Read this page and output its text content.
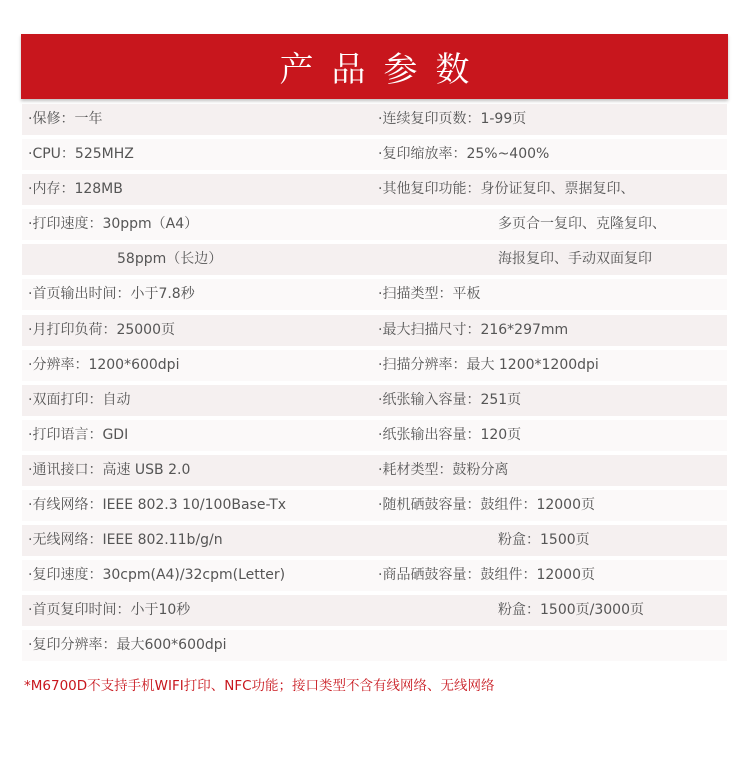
产品参数
·保修：一年	·连续复印页数：1-99页
·CPU：525MHZ	·复印缩放率：25%~400%
·内存：128MB	·其他复印功能：身份证复印、票据复印、
·打印速度：30ppm（A4）	多页合一复印、克隆复印、
58ppm（长边）	海报复印、手动双面复印
·首页输出时间：小于7.8秒	·扫描类型：平板
·月打印负荷：25000页	·最大扫描尺寸：216*297mm
·分辨率：1200*600dpi	·扫描分辨率：最大 1200*1200dpi
·双面打印：自动	·纸张输入容量：251页
·打印语言：GDI	·纸张输出容量：120页
·通讯接口：高速 USB 2.0	·耗材类型：鼓粉分离
·有线网络：IEEE 802.3 10/100Base-Tx	·随机硒鼓容量：鼓组件：12000页
·无线网络：IEEE 802.11b/g/n	粉盒：1500页
·复印速度：30cpm(A4)/32cpm(Letter)	·商品硒鼓容量：鼓组件：12000页
·首页复印时间：小于10秒	粉盒：1500页/3000页
·复印分辨率：最大600*600dpi
*M6700D不支持手机WIFI打印、NFC功能；接口类型不含有线网络、无线网络
